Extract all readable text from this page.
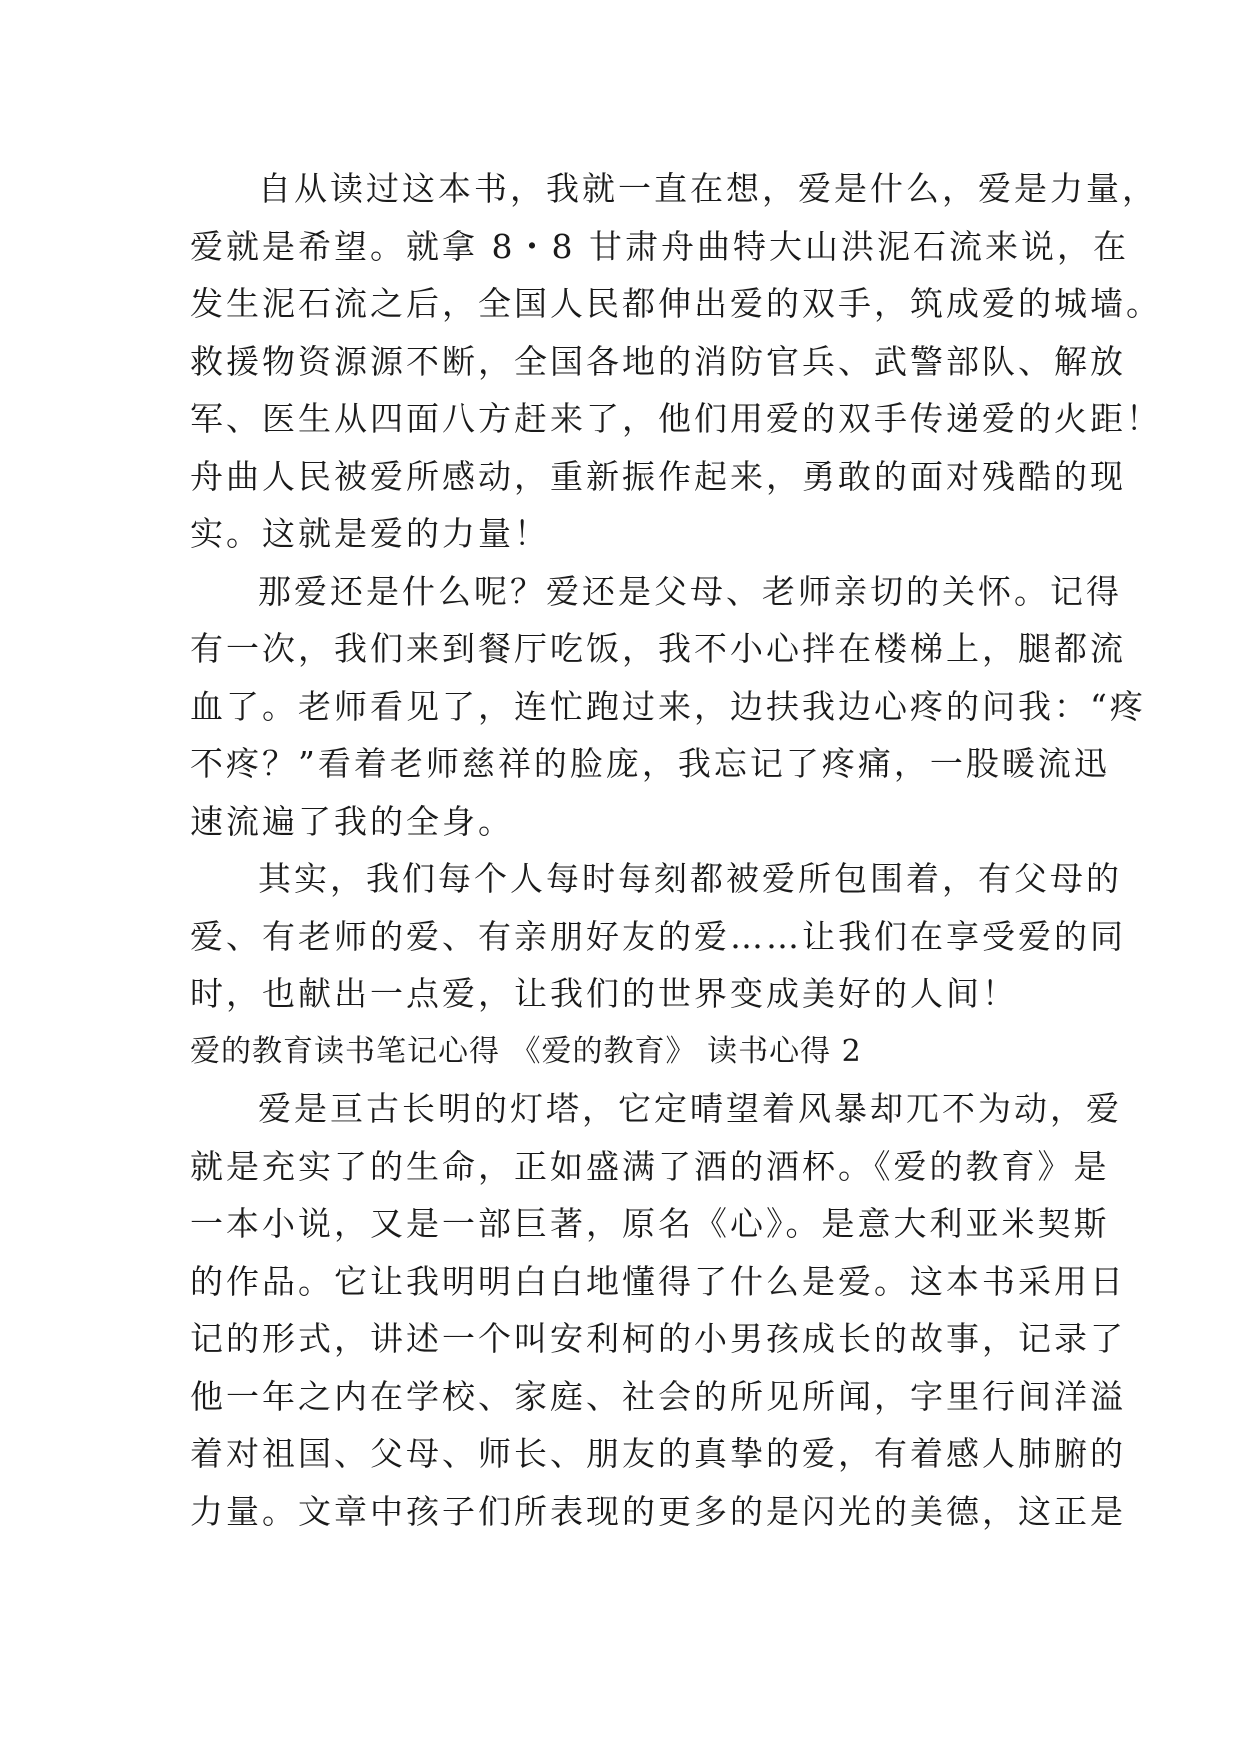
自从读过这本书，我就一直在想，爱是什么，爱是力量，
爱就是希望。就拿 8・8 甘肃舟曲特大山洪泥石流来说，在
发生泥石流之后，全国人民都伸出爱的双手，筑成爱的城墙。
救援物资源源不断，全国各地的消防官兵、武警部队、解放
军、医生从四面八方赶来了，他们用爱的双手传递爱的火距！
舟曲人民被爱所感动，重新振作起来，勇敢的面对残酷的现
实。这就是爱的力量！
那爱还是什么呢？爱还是父母、老师亲切的关怀。记得
有一次，我们来到餐厅吃饭，我不小心拌在楼梯上，腿都流
血了。老师看见了，连忙跑过来，边扶我边心疼的问我：“疼
不疼？”看着老师慈祥的脸庞，我忘记了疼痛，一股暖流迅
速流遍了我的全身。
其实，我们每个人每时每刻都被爱所包围着，有父母的
爱、有老师的爱、有亲朋好友的爱……让我们在享受爱的同
时，也献出一点爱，让我们的世界变成美好的人间！
爱的教育读书笔记心得 《爱的教育》 读书心得 2
爱是亘古长明的灯塔，它定晴望着风暴却兀不为动，爱
就是充实了的生命，正如盛满了酒的酒杯。《爱的教育》是
一本小说，又是一部巨著，原名《心》。是意大利亚米契斯
的作品。它让我明明白白地懂得了什么是爱。这本书采用日
记的形式，讲述一个叫安利柯的小男孩成长的故事，记录了
他一年之内在学校、家庭、社会的所见所闻，字里行间洋溢
着对祖国、父母、师长、朋友的真挚的爱，有着感人肺腑的
力量。文章中孩子们所表现的更多的是闪光的美德，这正是
